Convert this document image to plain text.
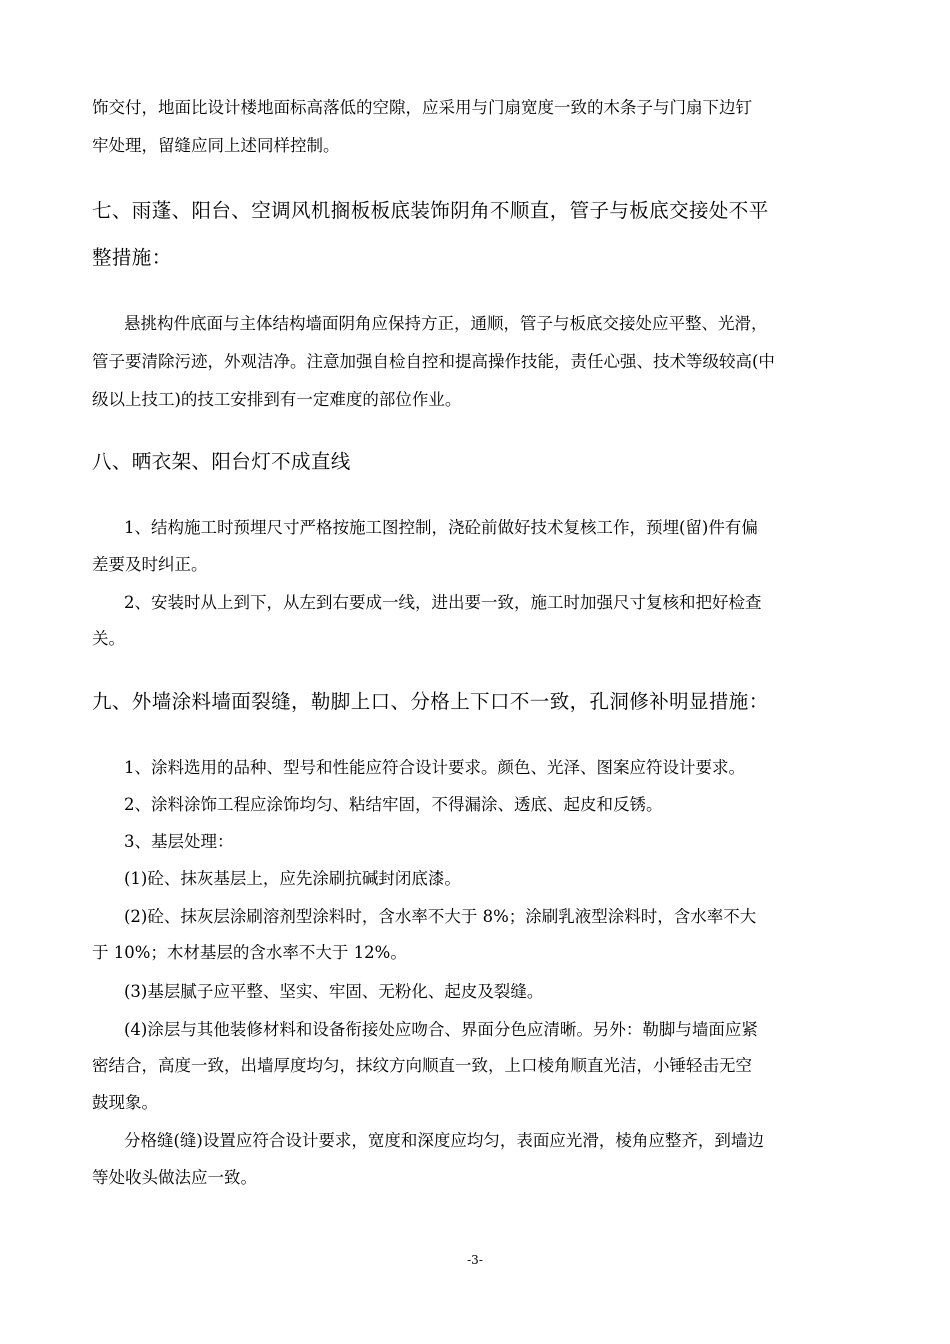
饰交付，地面比设计楼地面标高落低的空隙，应采用与门扇宽度一致的木条子与门扇下边钉
牢处理，留缝应同上述同样控制。
七、雨蓬、阳台、空调风机搁板板底装饰阴角不顺直，管子与板底交接处不平
整措施：
悬挑构件底面与主体结构墙面阴角应保持方正，通顺，管子与板底交接处应平整、光滑，
管子要清除污迹，外观洁净。注意加强自检自控和提高操作技能，责任心强、技术等级较高(中
级以上技工)的技工安排到有一定难度的部位作业。
八、晒衣架、阳台灯不成直线
1、结构施工时预埋尺寸严格按施工图控制，浇砼前做好技术复核工作，预埋(留)件有偏
差要及时纠正。
2、安装时从上到下，从左到右要成一线，进出要一致，施工时加强尺寸复核和把好检查
关。
九、外墙涂料墙面裂缝，勒脚上口、分格上下口不一致，孔洞修补明显措施：
1、涂料选用的品种、型号和性能应符合设计要求。颜色、光泽、图案应符设计要求。
2、涂料涂饰工程应涂饰均匀、粘结牢固，不得漏涂、透底、起皮和反锈。
3、基层处理：
(1)砼、抹灰基层上，应先涂刷抗碱封闭底漆。
(2)砼、抹灰层涂刷溶剂型涂料时，含水率不大于 8%；涂刷乳液型涂料时，含水率不大
于 10%；木材基层的含水率不大于 12%。
(3)基层腻子应平整、坚实、牢固、无粉化、起皮及裂缝。
(4)涂层与其他装修材料和设备衔接处应吻合、界面分色应清晰。另外：勒脚与墙面应紧
密结合，高度一致，出墙厚度均匀，抹纹方向顺直一致，上口棱角顺直光洁，小锤轻击无空
鼓现象。
分格缝(缝)设置应符合设计要求，宽度和深度应均匀，表面应光滑，棱角应整齐，到墙边
等处收头做法应一致。
-3-
